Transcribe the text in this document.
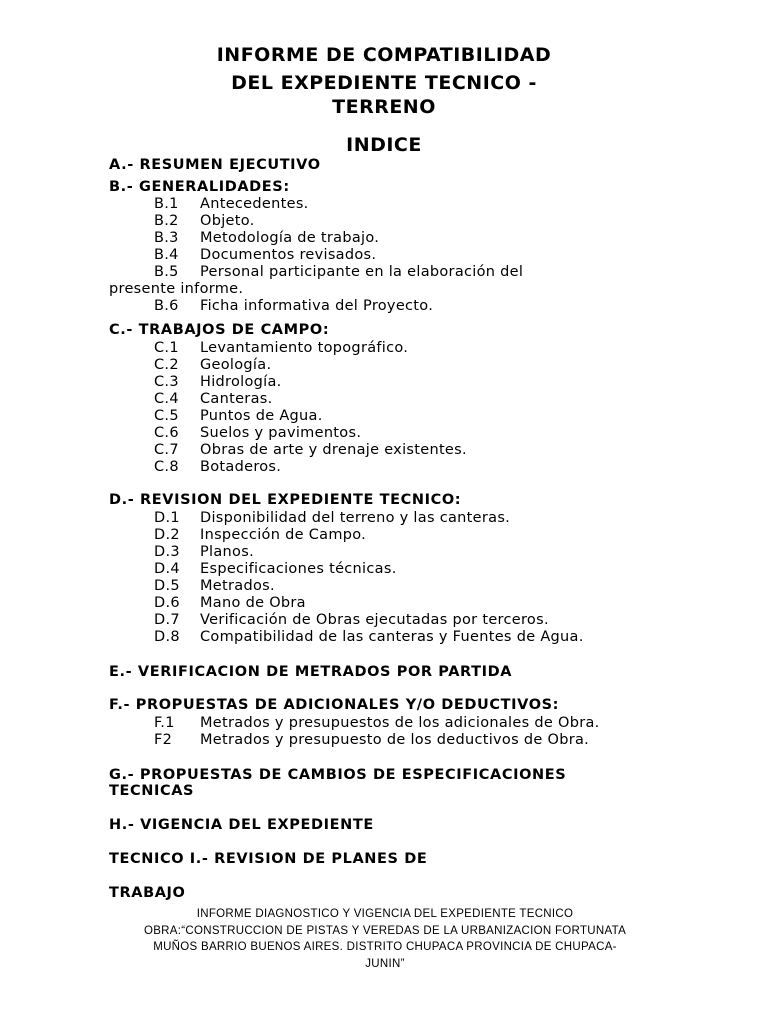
INFORME DE COMPATIBILIDAD
DEL EXPEDIENTE TECNICO -
TERRENO
INDICE
A.- RESUMEN EJECUTIVO
B.- GENERALIDADES:
B.1 Antecedentes.
B.2 Objeto.
B.3 Metodología de trabajo.
B.4 Documentos revisados.
B.5 Personal participante en la elaboración del
presente informe.
B.6 Ficha informativa del Proyecto.
C.- TRABAJOS DE CAMPO:
C.1 Levantamiento topográfico.
C.2 Geología.
C.3 Hidrología.
C.4 Canteras.
C.5 Puntos de Agua.
C.6 Suelos y pavimentos.
C.7 Obras de arte y drenaje existentes.
C.8 Botaderos.
D.- REVISION DEL EXPEDIENTE TECNICO:
D.1 Disponibilidad del terreno y las canteras.
D.2 Inspección de Campo.
D.3 Planos.
D.4 Especificaciones técnicas.
D.5 Metrados.
D.6 Mano de Obra
D.7 Verificación de Obras ejecutadas por terceros.
D.8 Compatibilidad de las canteras y Fuentes de Agua.
E.- VERIFICACION DE METRADOS POR PARTIDA
F.- PROPUESTAS DE ADICIONALES Y/O DEDUCTIVOS:
F.1 Metrados y presupuestos de los adicionales de Obra.
F2 Metrados y presupuesto de los deductivos de Obra.
G.- PROPUESTAS DE CAMBIOS DE ESPECIFICACIONES
TECNICAS
H.- VIGENCIA DEL EXPEDIENTE
TECNICO I.- REVISION DE PLANES DE
TRABAJO
INFORME DIAGNOSTICO Y VIGENCIA DEL EXPEDIENTE TECNICO
OBRA:“CONSTRUCCION DE PISTAS Y VEREDAS DE LA URBANIZACION FORTUNATA
MUÑOS BARRIO BUENOS AIRES. DISTRITO CHUPACA PROVINCIA DE CHUPACA-
JUNIN”
